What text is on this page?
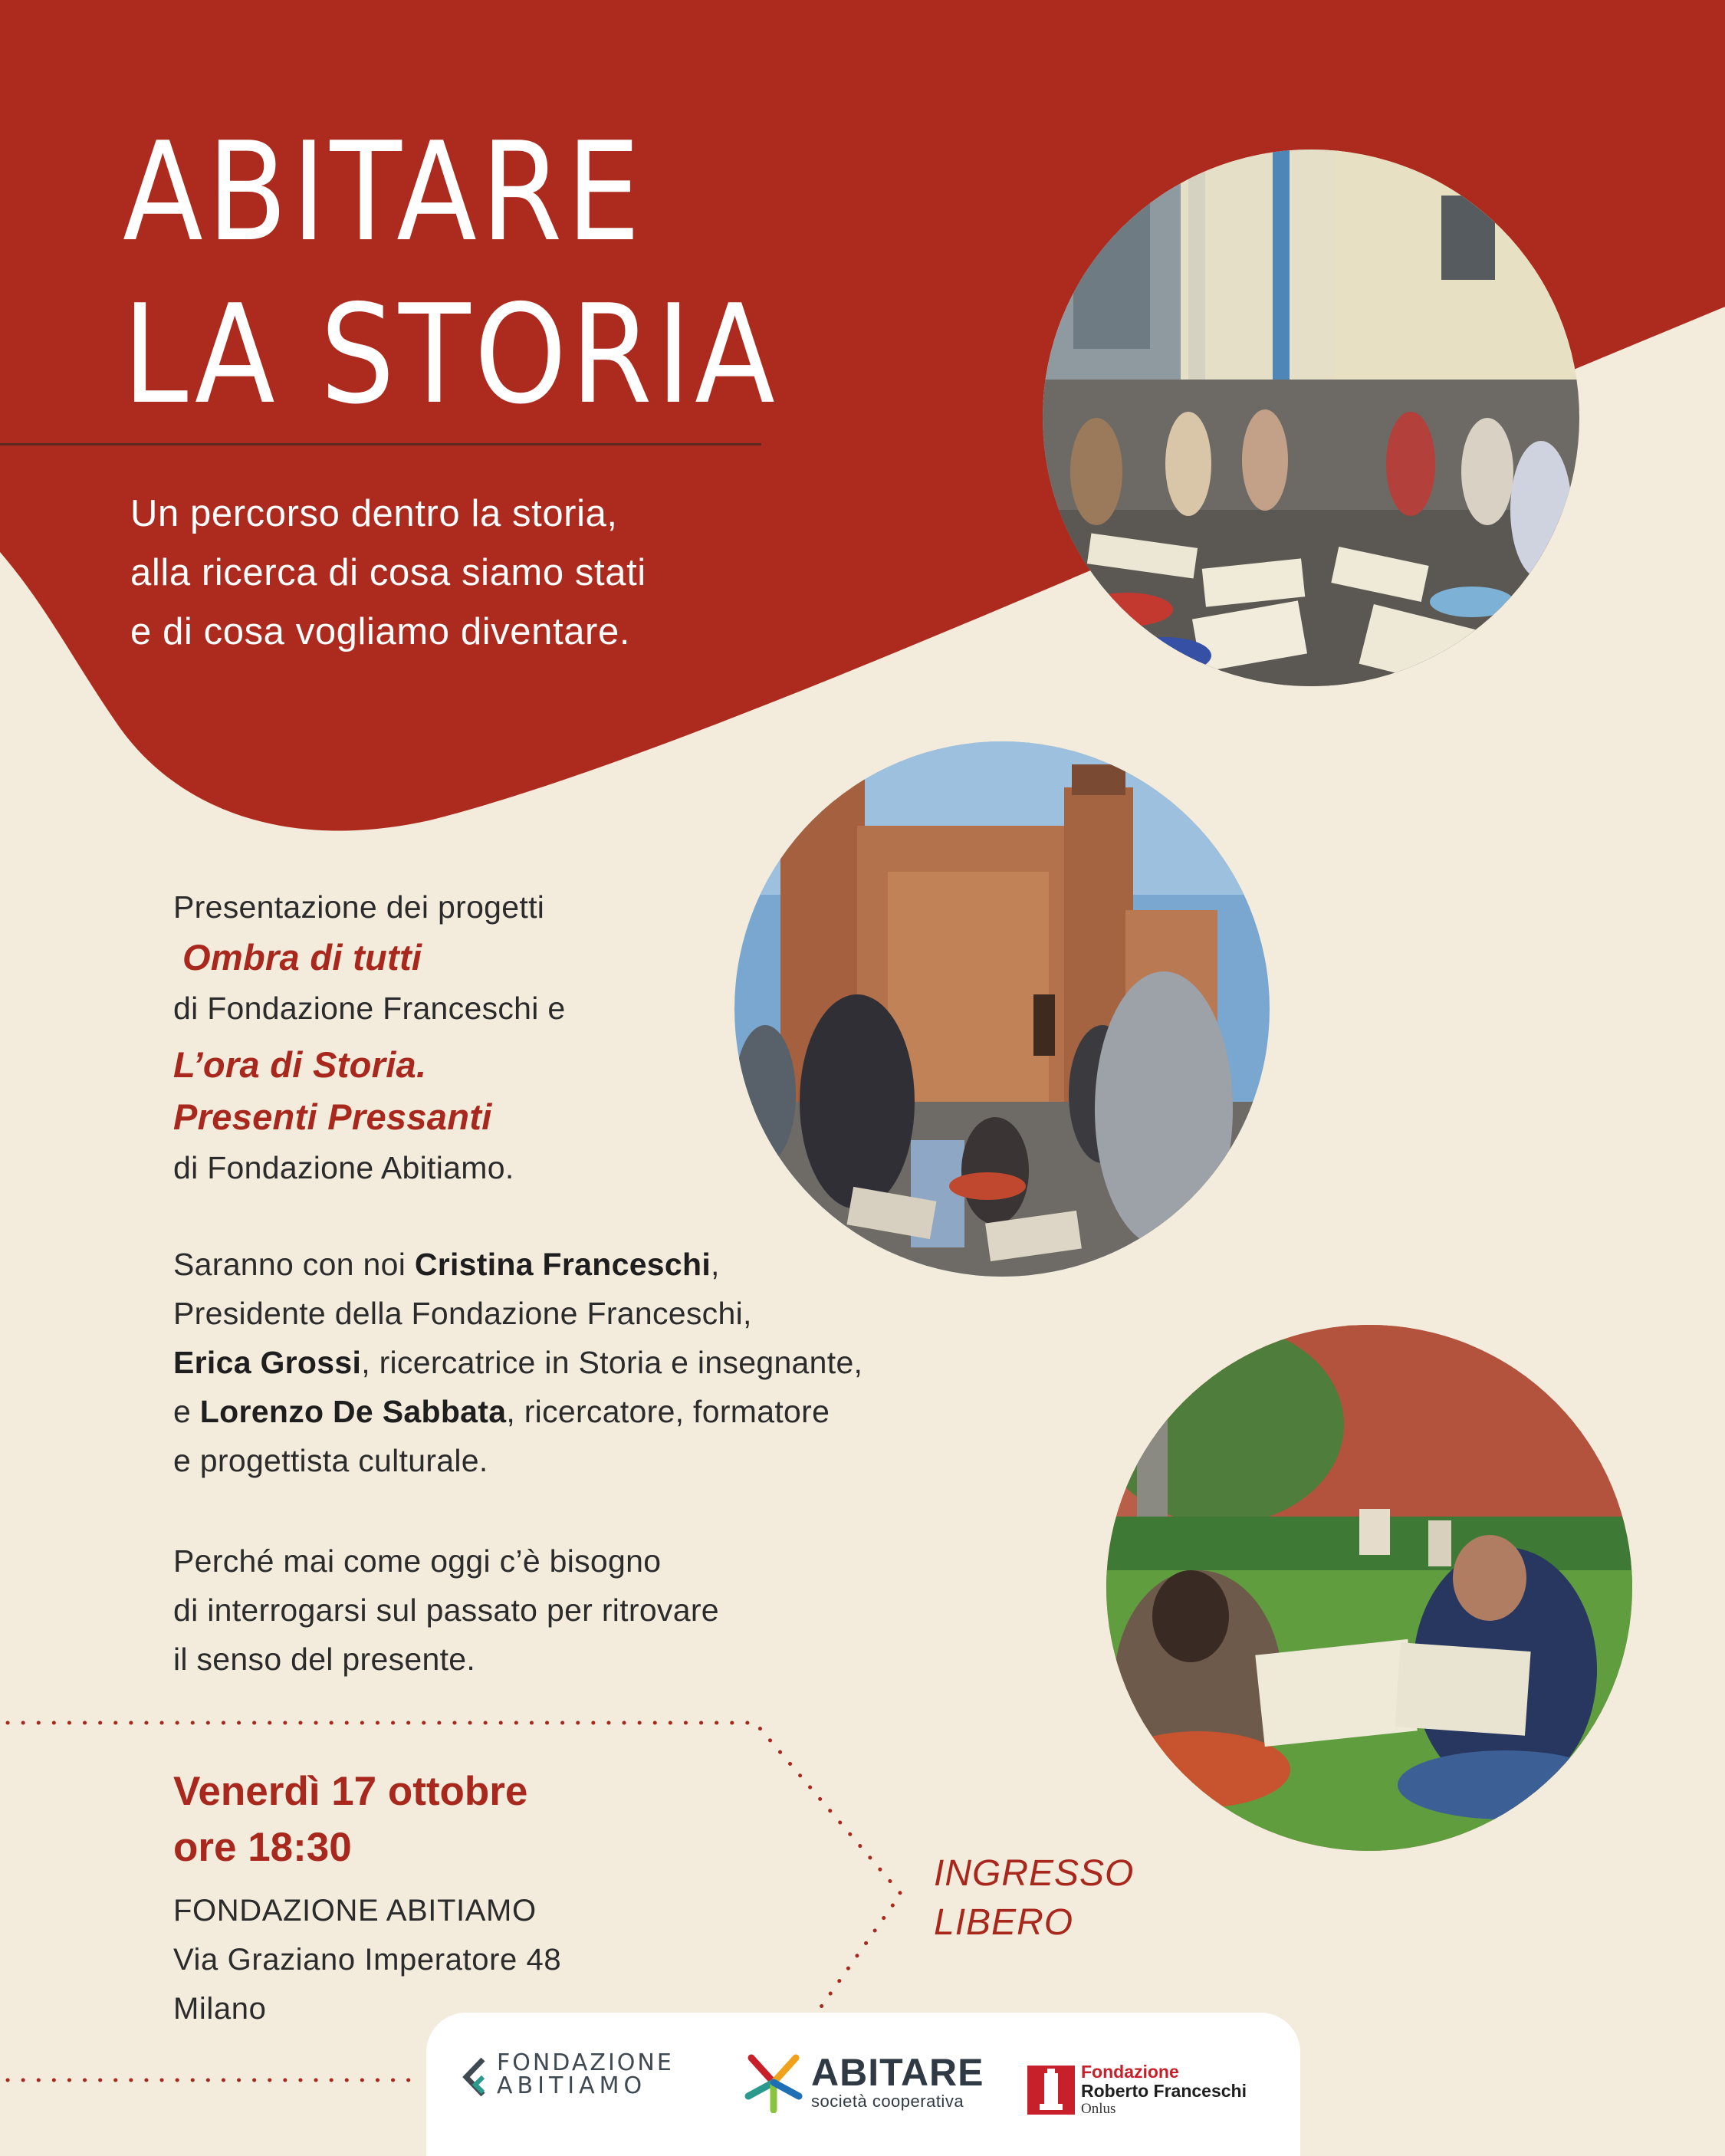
ABITARE
LA STORIA
Un percorso dentro la storia,
alla ricerca di cosa siamo stati
e di cosa vogliamo diventare.
Presentazione dei progetti
Ombra di tutti
di Fondazione Franceschi e
L’ora di Storia.
Presenti Pressanti
di Fondazione Abitiamo.
Saranno con noi Cristina Franceschi,
Presidente della Fondazione Franceschi,
Erica Grossi, ricercatrice in Storia e insegnante,
e Lorenzo De Sabbata, ricercatore, formatore
e progettista culturale.
Perché mai come oggi c’è bisogno
di interrogarsi sul passato per ritrovare
il senso del presente.
Venerdì 17 ottobre
ore 18:30
FONDAZIONE ABITIAMO
Via Graziano Imperatore 48
Milano
INGRESSO
LIBERO
FONDAZIONE
ABITIAMO	ABITARE
società cooperativa
Fondazione
Roberto Franceschi
Onlus
